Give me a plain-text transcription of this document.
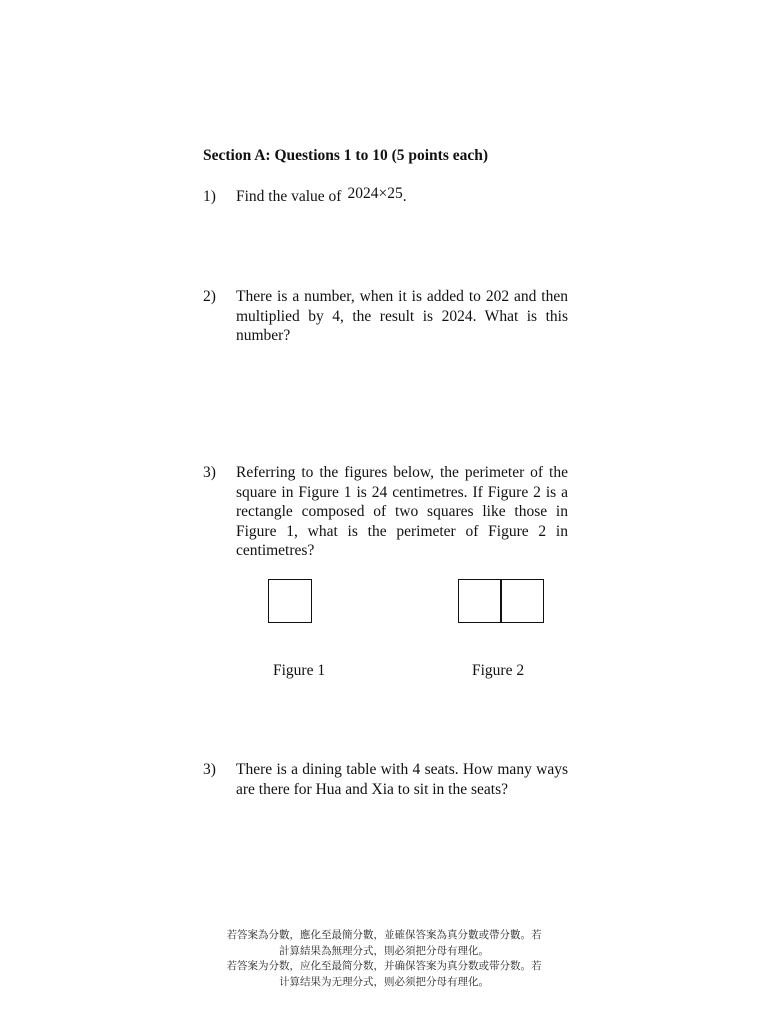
Section A: Questions 1 to 10 (5 points each)
1) Find the value of 2024×25.
2) There is a number, when it is added to 202 and then multiplied by 4, the result is 2024. What is this number?
3) Referring to the figures below, the perimeter of the square in Figure 1 is 24 centimetres. If Figure 2 is a rectangle composed of two squares like those in Figure 1, what is the perimeter of Figure 2 in centimetres?
Figure 1	Figure 2
3) There is a dining table with 4 seats. How many ways are there for Hua and Xia to sit in the seats?
若答案為分數，應化至最簡分數，並確保答案為真分數或帶分數。若
計算結果為無理分式，則必須把分母有理化。
若答案为分数，应化至最简分数，并确保答案为真分数或带分数。若
计算结果为无理分式，则必须把分母有理化。
